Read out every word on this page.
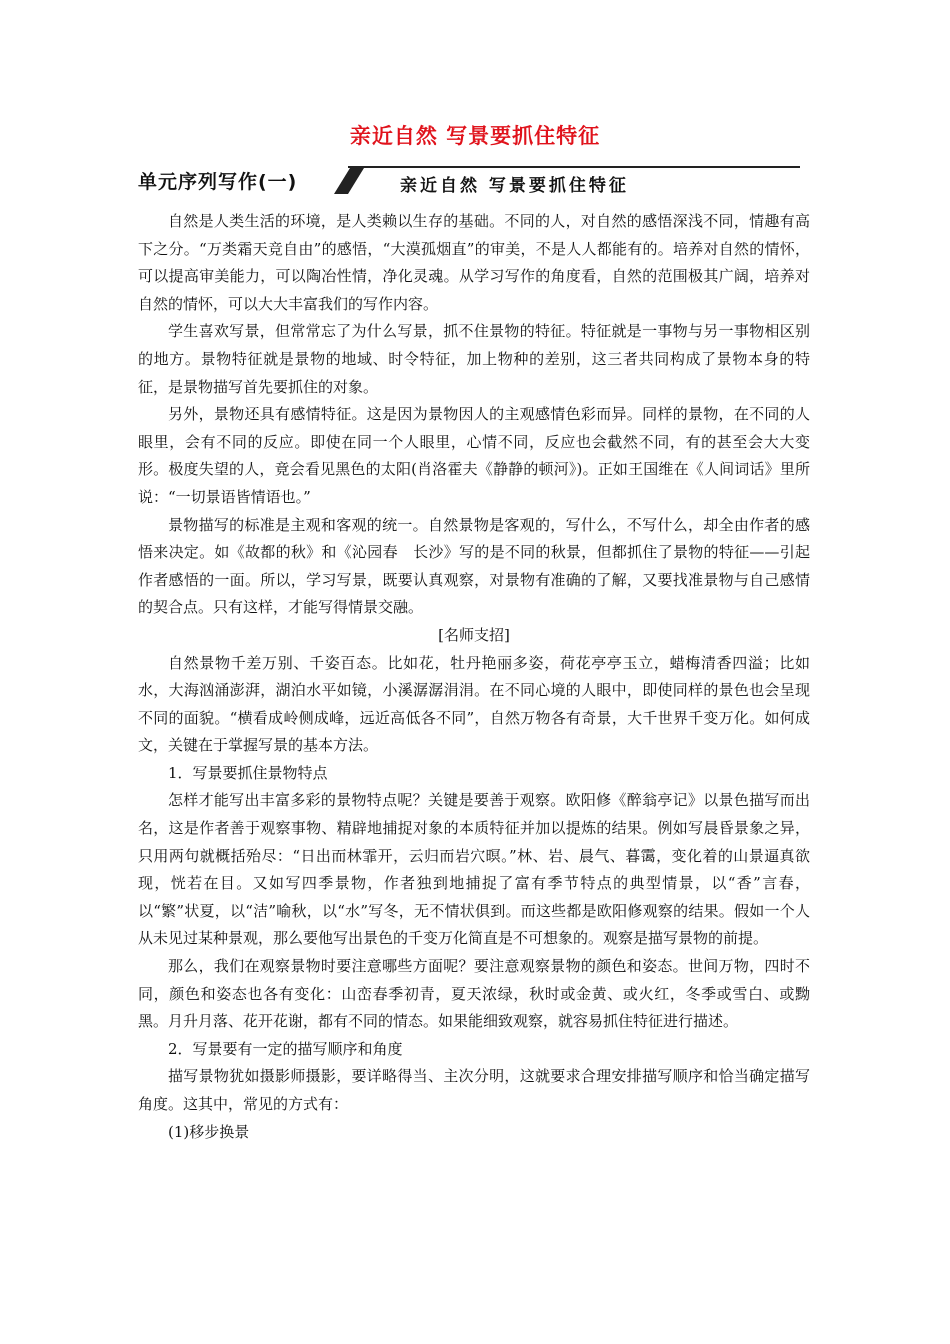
亲近自然 写景要抓住特征
单元序列写作(一)	亲近自然 写景要抓住特征

自然是人类生活的环境，是人类赖以生存的基础。不同的人，对自然的感悟深浅不同，情趣有高下之分。“万类霜天竞自由”的感悟，“大漠孤烟直”的审美，不是人人都能有的。培养对自然的情怀，可以提高审美能力，可以陶冶性情，净化灵魂。从学习写作的角度看，自然的范围极其广阔，培养对自然的情怀，可以大大丰富我们的写作内容。

学生喜欢写景，但常常忘了为什么写景，抓不住景物的特征。特征就是一事物与另一事物相区别的地方。景物特征就是景物的地域、时令特征，加上物种的差别，这三者共同构成了景物本身的特征，是景物描写首先要抓住的对象。

另外，景物还具有感情特征。这是因为景物因人的主观感情色彩而异。同样的景物，在不同的人眼里，会有不同的反应。即使在同一个人眼里，心情不同，反应也会截然不同，有的甚至会大大变形。极度失望的人，竟会看见黑色的太阳(肖洛霍夫《静静的顿河》)。正如王国维在《人间词话》里所说：“一切景语皆情语也。”

景物描写的标准是主观和客观的统一。自然景物是客观的，写什么，不写什么，却全由作者的感悟来决定。如《故都的秋》和《沁园春　长沙》写的是不同的秋景，但都抓住了景物的特征——引起作者感悟的一面。所以，学习写景，既要认真观察，对景物有准确的了解，又要找准景物与自己感情的契合点。只有这样，才能写得情景交融。

[名师支招]

自然景物千差万别、千姿百态。比如花，牡丹艳丽多姿，荷花亭亭玉立，蜡梅清香四溢；比如水，大海汹涌澎湃，湖泊水平如镜，小溪潺潺涓涓。在不同心境的人眼中，即使同样的景色也会呈现不同的面貌。“横看成岭侧成峰，远近高低各不同”，自然万物各有奇景，大千世界千变万化。如何成文，关键在于掌握写景的基本方法。

1．写景要抓住景物特点

怎样才能写出丰富多彩的景物特点呢？关键是要善于观察。欧阳修《醉翁亭记》以景色描写而出名，这是作者善于观察事物、精辟地捕捉对象的本质特征并加以提炼的结果。例如写晨昏景象之异，只用两句就概括殆尽：“日出而林霏开，云归而岩穴暝。”林、岩、晨气、暮霭，变化着的山景逼真欲现，恍若在目。又如写四季景物，作者独到地捕捉了富有季节特点的典型情景，以“香”言春，以“繁”状夏，以“洁”喻秋，以“水”写冬，无不情状俱到。而这些都是欧阳修观察的结果。假如一个人从未见过某种景观，那么要他写出景色的千变万化简直是不可想象的。观察是描写景物的前提。

那么，我们在观察景物时要注意哪些方面呢？要注意观察景物的颜色和姿态。世间万物，四时不同，颜色和姿态也各有变化：山峦春季初青，夏天浓绿，秋时或金黄、或火红，冬季或雪白、或黝黑。月升月落、花开花谢，都有不同的情态。如果能细致观察，就容易抓住特征进行描述。

2．写景要有一定的描写顺序和角度

描写景物犹如摄影师摄影，要详略得当、主次分明，这就要求合理安排描写顺序和恰当确定描写角度。这其中，常见的方式有：

(1)移步换景
